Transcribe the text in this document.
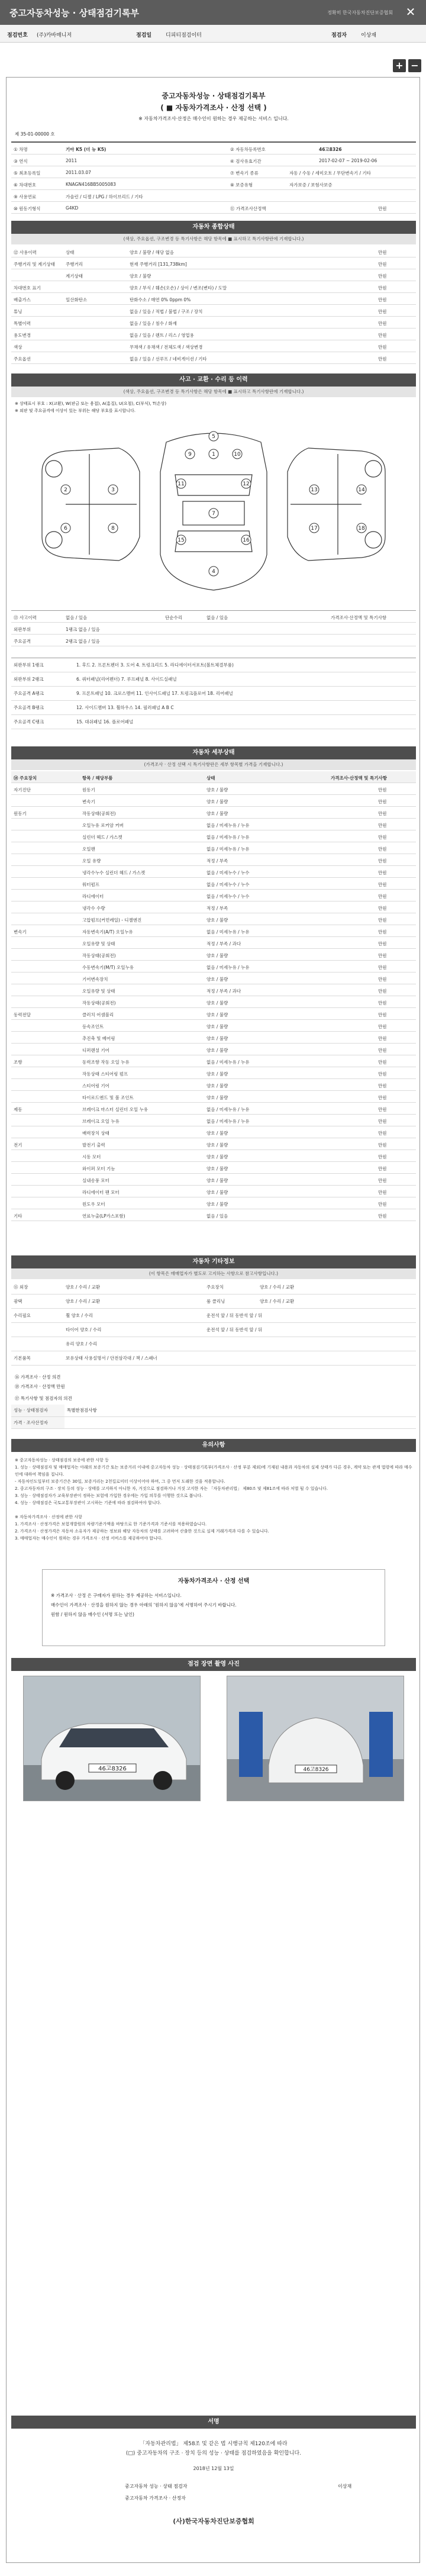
중고자동차성능 · 상태점검기록부	정확히 한국자동차진단보증협회 ✕
점검번호 (주)카바매니저	점검일	디피티점검이터	점검자	이상재
+ −
중고자동차성능 · 상태점검기록부
( ■ 자동차가격조사 · 산정 선택 )
※ 자동차가격조사·산정은 매수인이 원하는 경우 제공하는 서비스 입니다.
제 35-01-00000 호
① 차명	기아 K5 (더 뉴 K5)	② 자동차등록번호	46고8326
③ 연식	2011	④ 검사유효기간	2017-02-07 ~ 2019-02-06
⑤ 최초등록일	2011.03.07	⑦ 변속기 종류	자동 / 수동 / 세미오토 / 무단변속기 / 기타
⑥ 차대번호	KNAGN416BB5005083	⑧ 보증유형	자가보증 / 보험사보증
⑨ 사용연료	가솔린 / 디젤 / LPG / 하이브리드 / 기타
⑩ 원동기형식	G4KD	⑪ 가격조사산정액	만원
자동차 종합상태
(색상, 주요옵션, 구조변경 등 특기사항은 해당 항목에 ■ 표시하고 특기사항란에 기재합니다.)
⑫ 사용이력	상태	양호 / 불량 / 해당 없음	만원
주행거리 및 계기상태 주행거리	현재 주행거리 [131,738km]	만원
계기상태	양호 / 불량	만원
차대번호 표기	양호 / 부식 / 훼손(오손) / 상이 / 변조(변타) / 도말	만원
배출가스	일산화탄소	탄화수소 / 매연 0% 0ppm 0%	만원
튜닝	없음 / 있음 / 적법 / 불법 / 구조 / 장치	만원
특별이력	없음 / 있음 / 침수 / 화재	만원
용도변경	없음 / 있음 / 렌트 / 리스 / 영업용	만원
색상	무채색 / 유채색 / 전체도색 / 색상변경	만원
주요옵션	없음 / 있음 / 선루프 / 네비게이션 / 기타	만원
사고 · 교환 · 수리 등 이력
(색상, 주요옵션, 구조변경 등 특기사항은 해당 항목에 ■ 표시하고 특기사항란에 기재합니다.)
※ 상태표시 부호 : X(교환), W(판금 또는 용접), A(흠집), U(요철), C(부식), T(손상)
※ 외판 및 주요골격에 이상이 있는 부위는 해당 부호를 표시합니다.
1
2	3
4
5
6
7
8
9	10
11	12
13	14
15	16
17	18
⑬ 사고이력	없음 / 있음	단순수리	없음 / 있음	가격조사·산정액 및 특기사항
외판부위	1랭크 없음 / 있음
주요골격	2랭크 없음 / 있음
외판부위 1랭크	1. 후드 2. 프론트펜더 3. 도어 4. 트렁크리드 5. 라디에이터서포트(볼트체결부품)
외판부위 2랭크	6. 쿼터패널(리어펜더) 7. 루프패널 8. 사이드실패널
주요골격 A랭크	9. 프론트패널 10. 크로스멤버 11. 인사이드패널 17. 트렁크플로어 18. 리어패널
주요골격 B랭크	12. 사이드멤버 13. 휠하우스 14. 필러패널 A B C
주요골격 C랭크	15. 대쉬패널 16. 플로어패널
자동차 세부상태
(가격조사 · 산정 선택 시 특기사항란은 세부 항목별 가격을 기재합니다.)
⑭ 주요장치	항목 / 해당부품	상태	가격조사·산정액 및 특기사항
자기진단	원동기	양호 / 불량	만원
변속기	양호 / 불량	만원
원동기	작동상태(공회전)	양호 / 불량	만원
오일누유 로커암 커버	없음 / 미세누유 / 누유	만원
실린더 헤드 / 가스켓	없음 / 미세누유 / 누유	만원
오일팬	없음 / 미세누유 / 누유	만원
오일 유량	적정 / 부족	만원
냉각수누수 실린더 헤드 / 가스켓	없음 / 미세누수 / 누수	만원
워터펌프	없음 / 미세누수 / 누수	만원
라디에이터	없음 / 미세누수 / 누수	만원
냉각수 수량	적정 / 부족	만원
고압펌프(커먼레일) - 디젤엔진	양호 / 불량	만원
변속기	자동변속기(A/T) 오일누유	없음 / 미세누유 / 누유	만원
오일유량 및 상태	적정 / 부족 / 과다	만원
작동상태(공회전)	양호 / 불량	만원
수동변속기(M/T) 오일누유	없음 / 미세누유 / 누유	만원
기어변속장치	양호 / 불량	만원
오일유량 및 상태	적정 / 부족 / 과다	만원
작동상태(공회전)	양호 / 불량	만원
동력전달	클러치 어셈블리	양호 / 불량	만원
등속조인트	양호 / 불량	만원
추진축 및 베어링	양호 / 불량	만원
디퍼렌셜 기어	양호 / 불량	만원
조향	동력조향 작동 오일 누유	없음 / 미세누유 / 누유	만원
작동상태 스티어링 펌프	양호 / 불량	만원
스티어링 기어	양호 / 불량	만원
타이로드엔드 및 볼 조인트	양호 / 불량	만원
제동	브레이크 마스터 실린더 오일 누유	없음 / 미세누유 / 누유	만원
브레이크 오일 누유	없음 / 미세누유 / 누유	만원
배력장치 상태	양호 / 불량	만원
전기	발전기 출력	양호 / 불량	만원
시동 모터	양호 / 불량	만원
와이퍼 모터 기능	양호 / 불량	만원
실내송풍 모터	양호 / 불량	만원
라디에이터 팬 모터	양호 / 불량	만원
윈도우 모터	양호 / 불량	만원
기타	연료누출(LP가스포함)	없음 / 있음	만원
자동차 기타정보
(이 항목은 매매업자가 별도로 고지하는 사항으로 참고사항입니다.)
⑮ 외장	양호 / 수리 / 교환	주요장치	양호 / 수리 / 교환
광택	양호 / 수리 / 교환	룸 클리닝	양호 / 수리 / 교환
수리필요	휠 양호 / 수리	운전석 앞 / 뒤 동반석 앞 / 뒤
타이어 양호 / 수리	운전석 앞 / 뒤 동반석 앞 / 뒤
유리 양호 / 수리
기본품목	보유상태 사용설명서 / 안전삼각대 / 잭 / 스패너
⑯ 가격조사 · 산정 의견
⑱ 가격조사 · 산정액 만원
⑰ 특기사항 및 점검자의 의견
성능 · 상태점검자	특별한점검사항
가격 · 조사산정자	
유의사항
※ 중고자동차성능 · 상태점검의 보증에 관한 사항 등
1. 성능 · 상태점검자 및 매매업자는 아래의 보증기간 또는 보증거리 이내에 중고자동차 성능 · 상태점검기록부(가격조사 · 산정 부분 제외)에 기재된 내용과 자동차의 실제 상태가 다른 경우, 계약 또는 관계 법령에 따라 매수인에 대하여 책임을 집니다.
- 자동차인도일부터 보증기간은 30일, 보증거리는 2천킬로미터 이상이어야 하며, 그 중 먼저 도래한 것을 적용합니다.
2. 중고자동차의 구조 · 장치 등의 성능 · 상태를 고지하지 아니한 자, 거짓으로 점검하거나 거짓 고지한 자는 「자동차관리법」 제80조 및 제81조에 따라 처벌 될 수 있습니다.
3. 성능 · 상태점검자가 교육부장관이 정하는 보험에 가입한 경우에는 가입 의무를 이행한 것으로 봅니다.
4. 성능 · 상태점검은 국토교통부장관이 고시하는 기준에 따라 점검하여야 합니다.
※ 자동차가격조사 · 산정에 관한 사항
1. 가격조사 · 산정가격은 보험개발원의 차량기준가액을 바탕으로 한 기준가격과 기준서를 적용하였습니다.
2. 가격조사 · 산정가격은 자동차 소유자가 제공하는 정보와 해당 자동차의 상태를 고려하여 산출한 것으로 실제 거래가격과 다를 수 있습니다.
3. 매매업자는 매수인이 원하는 경우 가격조사 · 산정 서비스를 제공하여야 합니다.
자동차가격조사 · 산정 선택
※ 가격조사 · 산정 은 구매자가 원하는 경우 제공하는 서비스입니다.
매수인이 가격조사 · 산정을 원하지 않는 경우 아래의 ‘원하지 않음’에 서명하여 주시기 바랍니다.
원함 / 원하지 않음 매수인 (서명 또는 날인)
점검 장면 촬영 사진
46고8326	46고8326
서명
「자동차관리법」 제58조 및 같은 법 시행규칙 제120조에 따라
(□) 중고자동차의 구조 · 장치 등의 성능 · 상태를 점검하였음을 확인합니다.
2018년 12월 13일
중고자동차 성능 · 상태 점검자	이상재
중고자동차 가격조사 · 산정자
(사)한국자동차진단보증협회
